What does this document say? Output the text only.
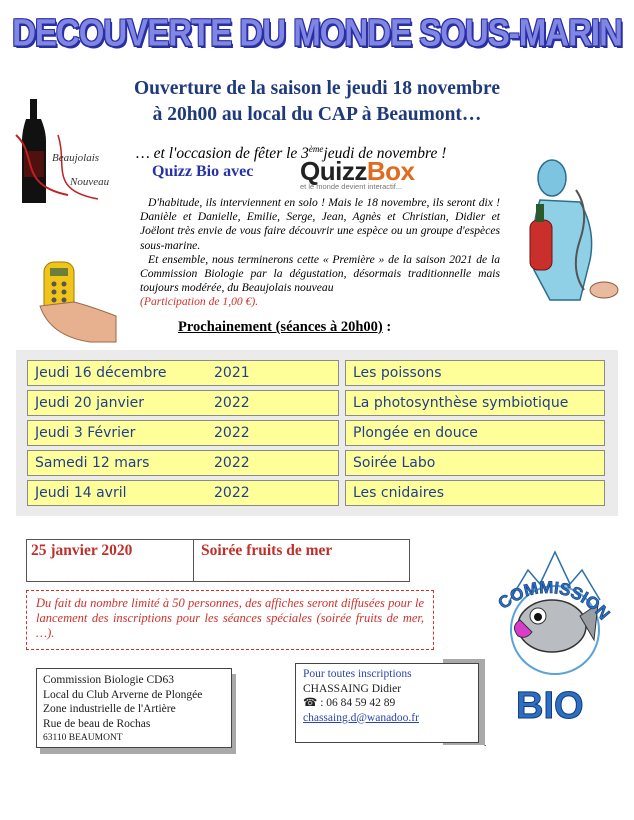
DECOUVERTE DU MONDE SOUS-MARIN
Ouverture de la saison le jeudi 18 novembre
à 20h00 au local du CAP à Beaumont…
Beaujolais
Nouveau
… et l'occasion de fêter le 3èmejeudi de novembre !
Quizz Bio avec QuizzBox
et le monde devient interactif...

D'habitude, ils interviennent en solo ! Mais le 18 novembre, ils seront dix ! Danièle et Danielle, Emilie, Serge, Jean, Agnès et Christian, Didier et Joëlont très envie de vous faire découvrir une espèce ou un groupe d'espèces sous-marine.

Et ensemble, nous terminerons cette « Première » de la saison 2021 de la Commission Biologie par la dégustation, désormais traditionnelle mais toujours modérée, du Beaujolais nouveau

(Participation de 1,00 €).

Prochainement (séances à 20h00) :
Jeudi 16 décembre	2021	Les poissons
Jeudi 20 janvier	2022	La photosynthèse symbiotique
Jeudi 3 Février	2022	Plongée en douce
Samedi 12 mars	2022	Soirée Labo
Jeudi 14 avril	2022	Les cnidaires
25 janvier 2020	Soirée fruits de mer
Du fait du nombre limité à 50 personnes, des affiches seront diffusées pour le lancement des inscriptions pour les séances spéciales (soirée fruits de mer, …).
Commission Biologie CD63
Local du Club Arverne de Plongée
Zone industrielle de l'Artière
Rue de beau de Rochas
63110 BEAUMONT
Pour toutes inscriptions
CHASSAING Didier
☎ : 06 84 59 42 89
chassaing.d@wanadoo.fr
.
COMMISSION
BIO
